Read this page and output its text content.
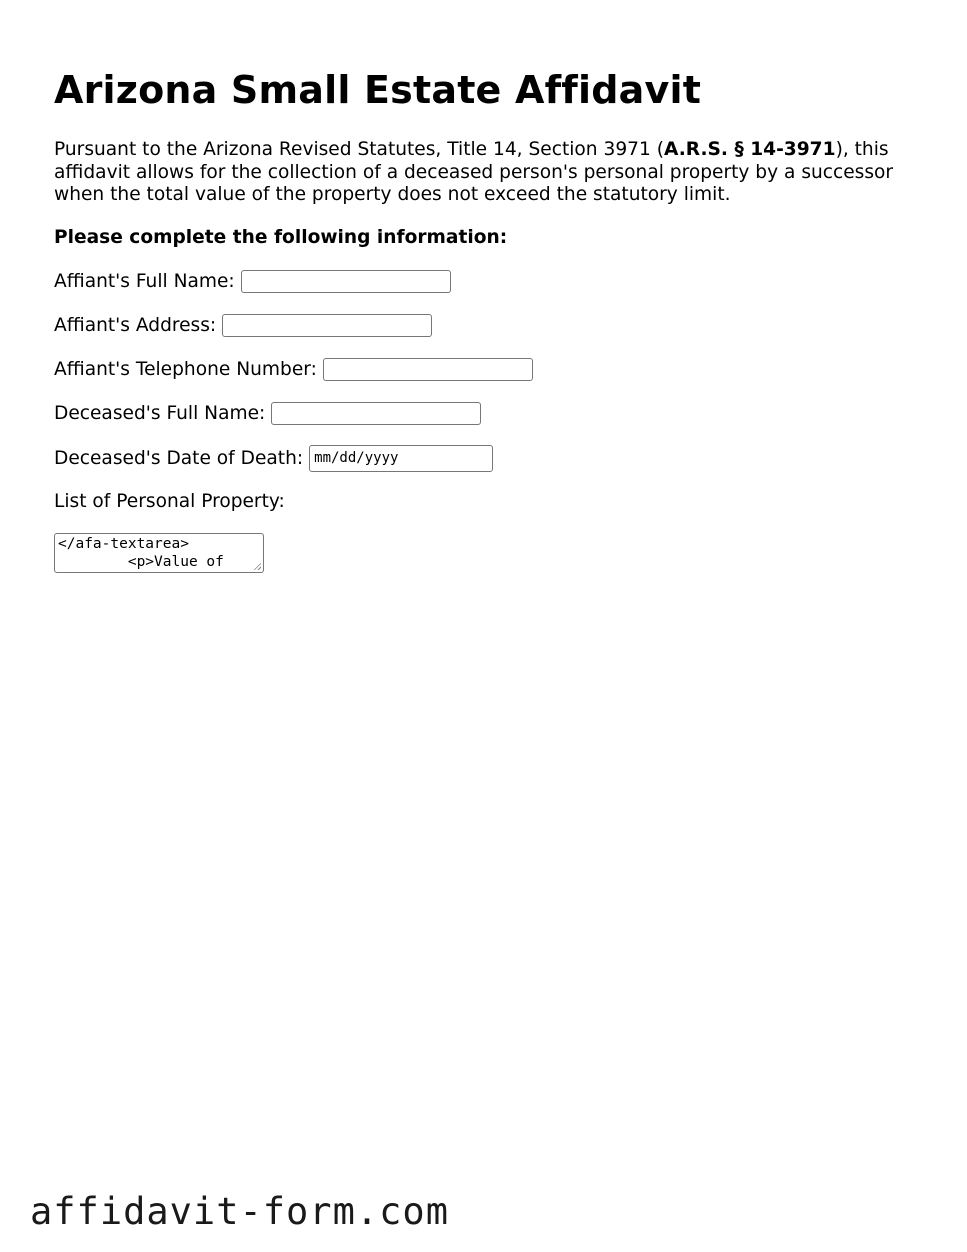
Arizona Small Estate Affidavit

Pursuant to the Arizona Revised Statutes, Title 14, Section 3971 (A.R.S. § 14-3971), this affidavit allows for the collection of a deceased person's personal property by a successor when the total value of the property does not exceed the statutory limit.

Please complete the following information:

Affiant's Full Name:
Affiant's Address:
Affiant's Telephone Number:
Deceased's Full Name:
Deceased's Date of Death: mm/dd/yyyy
List of Personal Property:
</afa-textarea>
<p>Value of
affidavit-form.com
